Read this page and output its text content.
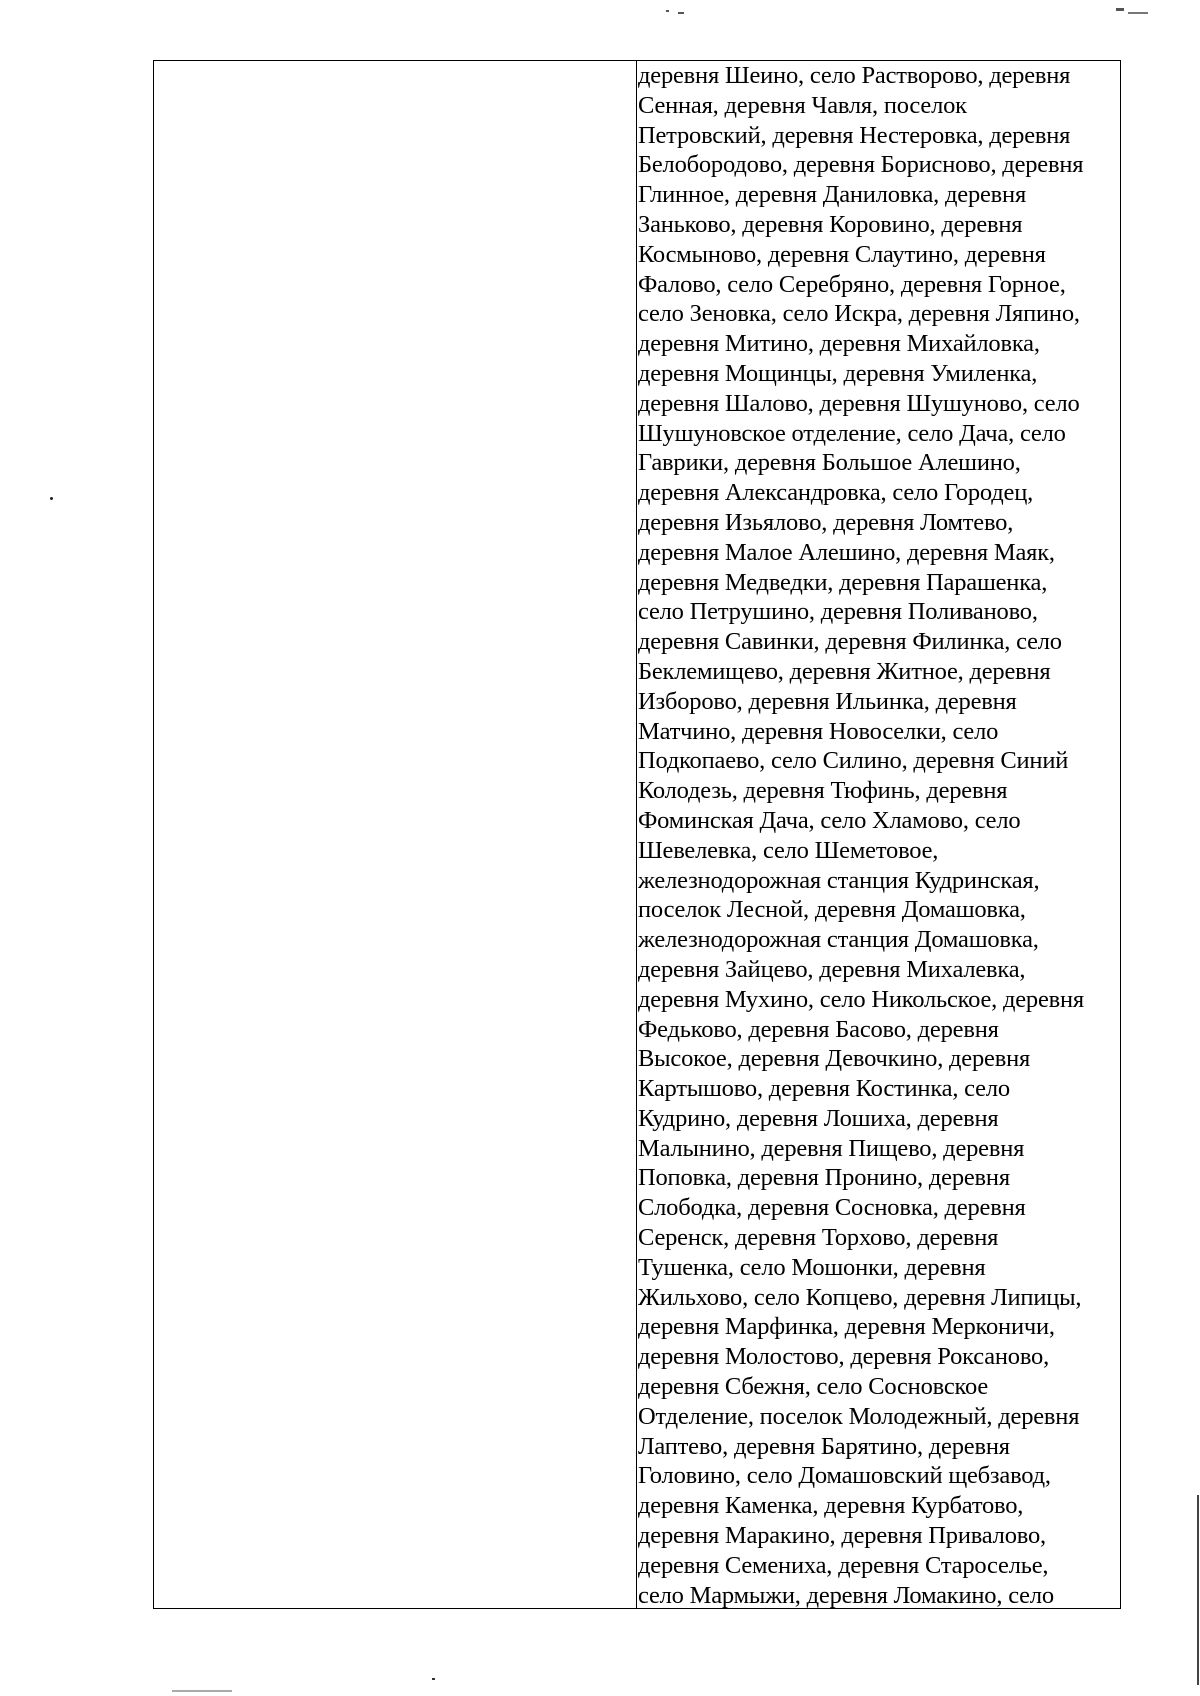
деревня Шеино, село Растворово, деревня
Сенная, деревня Чавля, поселок
Петровский, деревня Нестеровка, деревня
Белобородово, деревня Борисново, деревня
Глинное, деревня Даниловка, деревня
Заньково, деревня Коровино, деревня
Космыново, деревня Слаутино, деревня
Фалово, село Серебряно, деревня Горное,
село Зеновка, село Искра, деревня Ляпино,
деревня Митино, деревня Михайловка,
деревня Мощинцы, деревня Умиленка,
деревня Шалово, деревня Шушуново, село
Шушуновское отделение, село Дача, село
Гаврики, деревня Большое Алешино,
деревня Александровка, село Городец,
деревня Изьялово, деревня Ломтево,
деревня Малое Алешино, деревня Маяк,
деревня Медведки, деревня Парашенка,
село Петрушино, деревня Поливаново,
деревня Савинки, деревня Филинка, село
Беклемищево, деревня Житное, деревня
Изборово, деревня Ильинка, деревня
Матчино, деревня Новоселки, село
Подкопаево, село Силино, деревня Синий
Колодезь, деревня Тюфинь, деревня
Фоминская Дача, село Хламово, село
Шевелевка, село Шеметовое,
железнодорожная станция Кудринская,
поселок Лесной, деревня Домашовка,
железнодорожная станция Домашовка,
деревня Зайцево, деревня Михалевка,
деревня Мухино, село Никольское, деревня
Федьково, деревня Басово, деревня
Высокое, деревня Девочкино, деревня
Картышово, деревня Костинка, село
Кудрино, деревня Лошиха, деревня
Малынино, деревня Пищево, деревня
Поповка, деревня Пронино, деревня
Слободка, деревня Сосновка, деревня
Серенск, деревня Торхово, деревня
Тушенка, село Мошонки, деревня
Жильхово, село Копцево, деревня Липицы,
деревня Марфинка, деревня Мерконичи,
деревня Молостово, деревня Роксаново,
деревня Сбежня, село Сосновское
Отделение, поселок Молодежный, деревня
Лаптево, деревня Барятино, деревня
Головино, село Домашовский щебзавод,
деревня Каменка, деревня Курбатово,
деревня Маракино, деревня Привалово,
деревня Семениха, деревня Староселье,
село Мармыжи, деревня Ломакино, село
